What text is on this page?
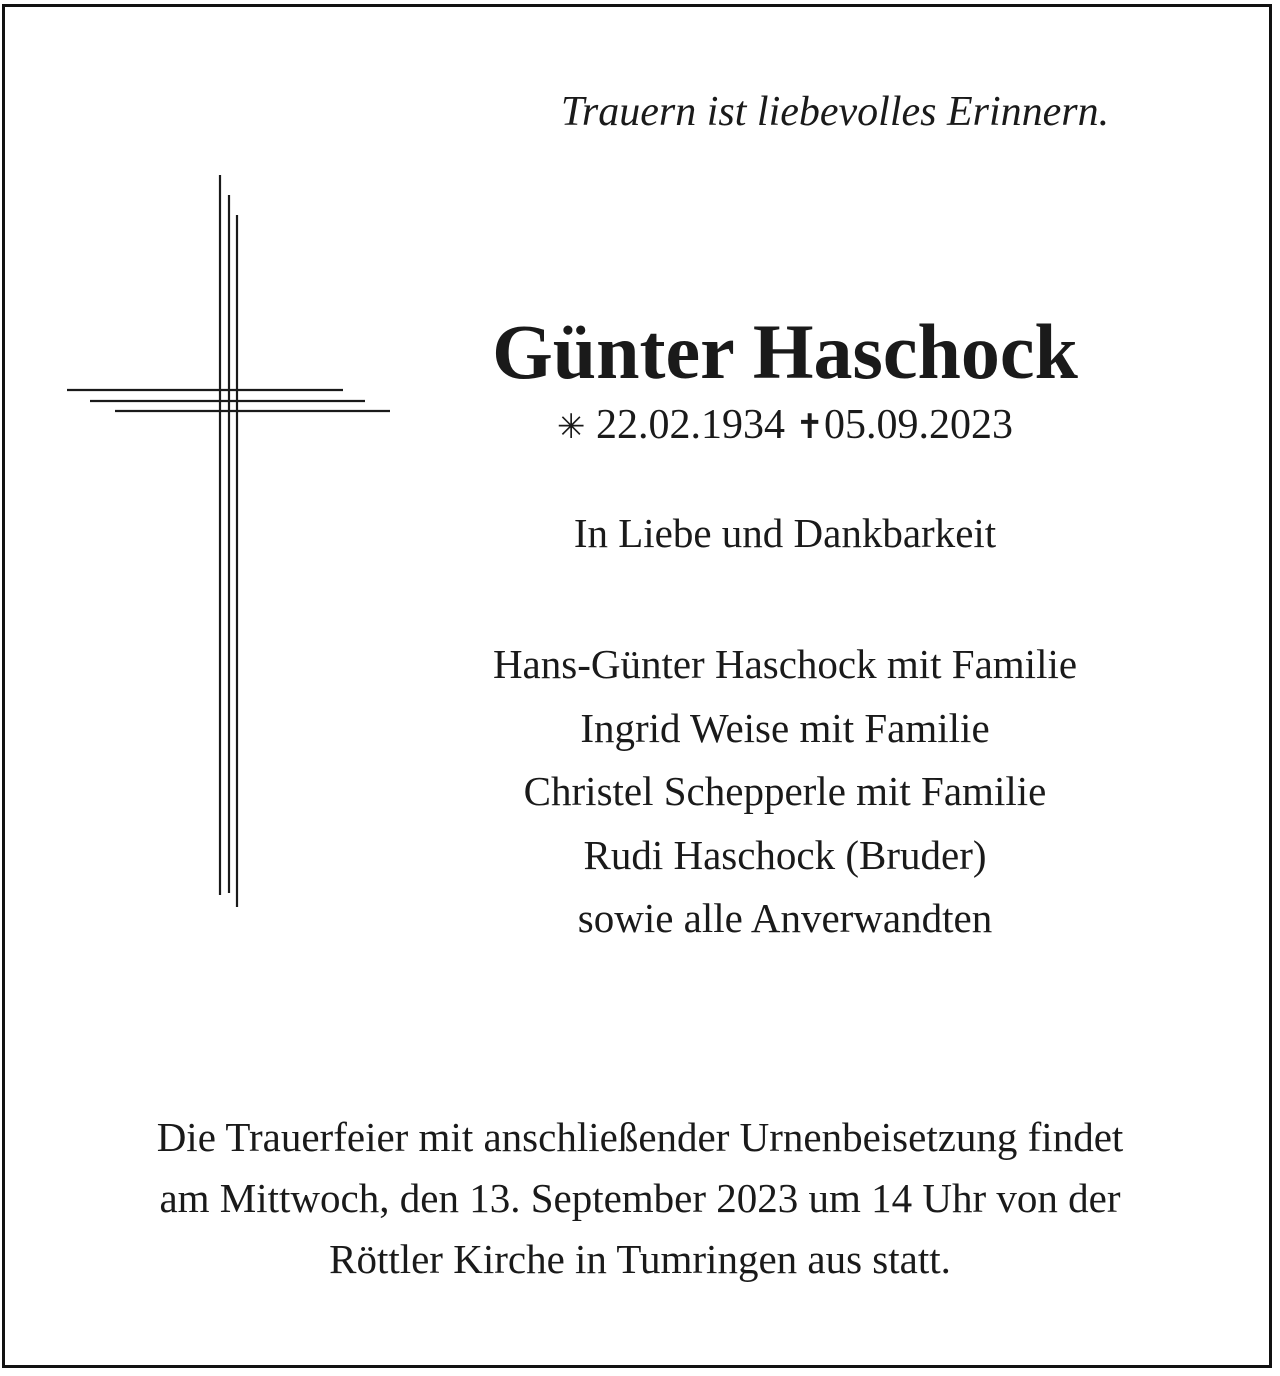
Trauern ist liebevolles Erinnern.
Günter Haschock
✳ 22.02.1934 ✝05.09.2023
In Liebe und Dankbarkeit
Hans-Günter Haschock mit Familie
Ingrid Weise mit Familie
Christel Schepperle mit Familie
Rudi Haschock (Bruder)
sowie alle Anverwandten
Die Trauerfeier mit anschließender Urnenbeisetzung findet
am Mittwoch, den 13. September 2023 um 14 Uhr von der
Röttler Kirche in Tumringen aus statt.
